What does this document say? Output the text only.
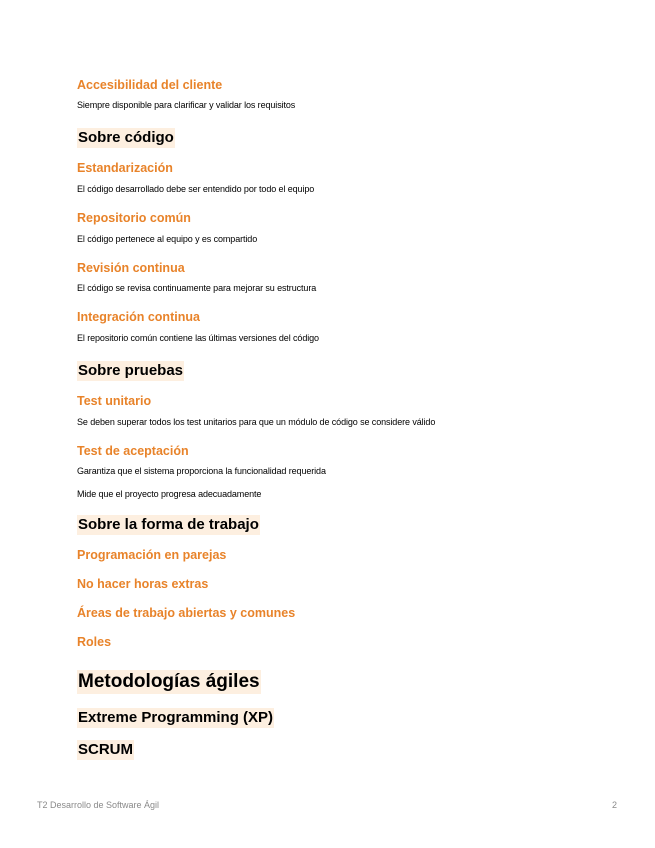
Accesibilidad del cliente
Siempre disponible para clarificar y validar los requisitos
Sobre código
Estandarización
El código desarrollado debe ser entendido por todo el equipo
Repositorio común
El código pertenece al equipo y es compartido
Revisión continua
El código se revisa continuamente para mejorar su estructura
Integración continua
El repositorio común contiene las últimas versiones del código
Sobre pruebas
Test unitario
Se deben superar todos los test unitarios para que un módulo de código se considere válido
Test de aceptación
Garantiza que el sistema proporciona la funcionalidad requerida
Mide que el proyecto progresa adecuadamente
Sobre la forma de trabajo
Programación en parejas
No hacer horas extras
Áreas de trabajo abiertas y comunes
Roles
Metodologías ágiles
Extreme Programming (XP)
SCRUM
T2 Desarrollo de Software Ágil	2
